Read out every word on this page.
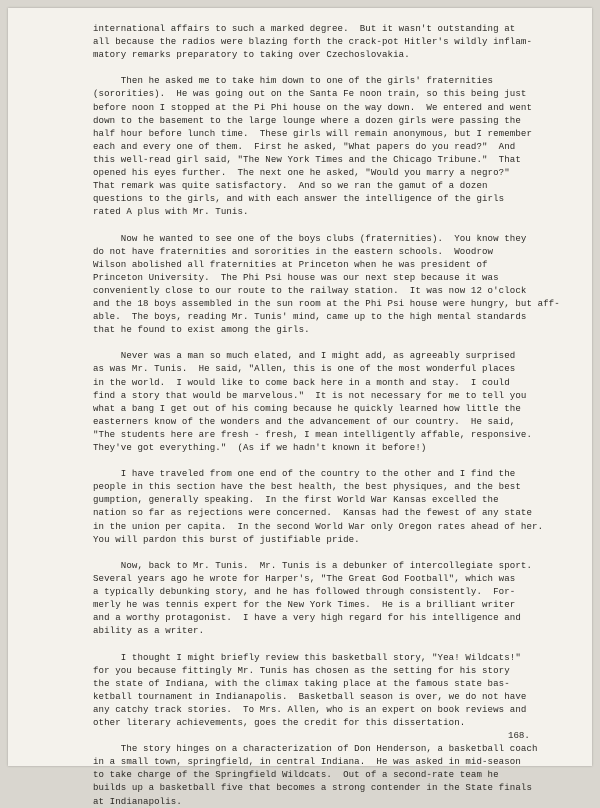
international affairs to such a marked degree.  But it wasn't outstanding at
all because the radios were blazing forth the crack-pot Hitler's wildly inflam-
matory remarks preparatory to taking over Czechoslovakia.
Then he asked me to take him down to one of the girls' fraternities
(sororities).  He was going out on the Santa Fe noon train, so this being just
before noon I stopped at the Pi Phi house on the way down.  We entered and went
down to the basement to the large lounge where a dozen girls were passing the
half hour before lunch time.  These girls will remain anonymous, but I remember
each and every one of them.  First he asked, "What papers do you read?"  And
this well-read girl said, "The New York Times and the Chicago Tribune."  That
opened his eyes further.  The next one he asked, "Would you marry a negro?"
That remark was quite satisfactory.  And so we ran the gamut of a dozen
questions to the girls, and with each answer the intelligence of the girls
rated A plus with Mr. Tunis.
Now he wanted to see one of the boys clubs (fraternities).  You know they
do not have fraternities and sororities in the eastern schools.  Woodrow
Wilson abolished all fraternities at Princeton when he was president of
Princeton University.  The Phi Psi house was our next step because it was
conveniently close to our route to the railway station.  It was now 12 o'clock
and the 18 boys assembled in the sun room at the Phi Psi house were hungry, but aff-
able.  The boys, reading Mr. Tunis' mind, came up to the high mental standards
that he found to exist among the girls.
Never was a man so much elated, and I might add, as agreeably surprised
as was Mr. Tunis.  He said, "Allen, this is one of the most wonderful places
in the world.  I would like to come back here in a month and stay.  I could
find a story that would be marvelous."  It is not necessary for me to tell you
what a bang I get out of his coming because he quickly learned how little the
easterners know of the wonders and the advancement of our country.  He said,
"The students here are fresh - fresh, I mean intelligently affable, responsive.
They've got everything."  (As if we hadn't known it before!)
I have traveled from one end of the country to the other and I find the
people in this section have the best health, the best physiques, and the best
gumption, generally speaking.  In the first World War Kansas excelled the
nation so far as rejections were concerned.  Kansas had the fewest of any state
in the union per capita.  In the second World War only Oregon rates ahead of her.
You will pardon this burst of justifiable pride.
Now, back to Mr. Tunis.  Mr. Tunis is a debunker of intercollegiate sport.
Several years ago he wrote for Harper's, "The Great God Football", which was
a typically debunking story, and he has followed through consistently.  For-
merly he was tennis expert for the New York Times.  He is a brilliant writer
and a worthy protagonist.  I have a very high regard for his intelligence and
ability as a writer.
I thought I might briefly review this basketball story, "Yea! Wildcats!"
for you because fittingly Mr. Tunis has chosen as the setting for his story
the state of Indiana, with the climax taking place at the famous state bas-
ketball tournament in Indianapolis.  Basketball season is over, we do not have
any catchy track stories.  To Mrs. Allen, who is an expert on book reviews and
other literary achievements, goes the credit for this dissertation.
The story hinges on a characterization of Don Henderson, a basketball coach
in a small town, springfield, in central Indiana.  He was asked in mid-season
to take charge of the Springfield Wildcats.  Out of a second-rate team he
builds up a basketball five that becomes a strong contender in the State finals
at Indianapolis.
168.
